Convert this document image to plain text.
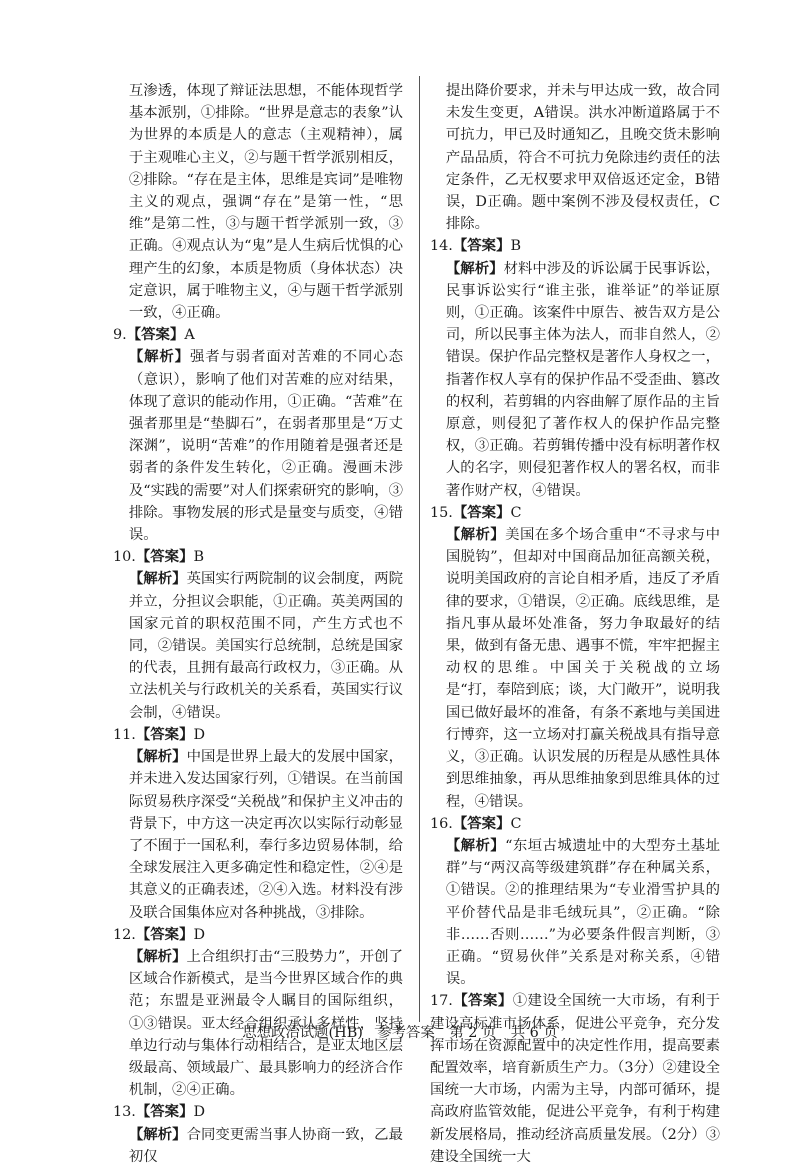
互渗透，体现了辩证法思想，不能体现哲学基本派别，①排除。“世界是意志的表象”认为世界的本质是人的意志（主观精神），属于主观唯心主义，②与题干哲学派别相反，②排除。“存在是主体，思维是宾词”是唯物主义的观点，强调“存在”是第一性，“思维”是第二性，③与题干哲学派别一致，③正确。④观点认为“鬼”是人生病后忧惧的心理产生的幻象，本质是物质（身体状态）决定意识，属于唯物主义，④与题干哲学派别一致，④正确。

9.【答案】A
【解析】强者与弱者面对苦难的不同心态（意识），影响了他们对苦难的应对结果，体现了意识的能动作用，①正确。“苦难”在强者那里是“垫脚石”，在弱者那里是“万丈深渊”，说明“苦难”的作用随着是强者还是弱者的条件发生转化，②正确。漫画未涉及“实践的需要”对人们探索研究的影响，③排除。事物发展的形式是量变与质变，④错误。
10.【答案】B
【解析】英国实行两院制的议会制度，两院并立，分担议会职能，①正确。英美两国的国家元首的职权范围不同，产生方式也不同，②错误。美国实行总统制，总统是国家的代表，且拥有最高行政权力，③正确。从立法机关与行政机关的关系看，英国实行议会制，④错误。
11.【答案】D
【解析】中国是世界上最大的发展中国家，并未进入发达国家行列，①错误。在当前国际贸易秩序深受“关税战”和保护主义冲击的背景下，中方这一决定再次以实际行动彰显了不囿于一国私利，奉行多边贸易体制，给全球发展注入更多确定性和稳定性，②④是其意义的正确表述，②④入选。材料没有涉及联合国集体应对各种挑战，③排除。
12.【答案】D
【解析】上合组织打击“三股势力”，开创了区域合作新模式，是当今世界区域合作的典范；东盟是亚洲最令人瞩目的国际组织，①③错误。亚太经合组织承认多样性，坚持单边行动与集体行动相结合，是亚太地区层级最高、领域最广、最具影响力的经济合作机制，②④正确。
13.【答案】D
【解析】合同变更需当事人协商一致，乙最初仅

提出降价要求，并未与甲达成一致，故合同未发生变更，A错误。洪水冲断道路属于不可抗力，甲已及时通知乙，且晚交货未影响产品品质，符合不可抗力免除违约责任的法定条件，乙无权要求甲双倍返还定金，B错误，D正确。题中案例不涉及侵权责任，C排除。

14.【答案】B
【解析】材料中涉及的诉讼属于民事诉讼，民事诉讼实行“谁主张，谁举证”的举证原则，①正确。该案件中原告、被告双方是公司，所以民事主体为法人，而非自然人，②错误。保护作品完整权是著作人身权之一，指著作权人享有的保护作品不受歪曲、篡改的权利，若剪辑的内容曲解了原作品的主旨原意，则侵犯了著作权人的保护作品完整权，③正确。若剪辑传播中没有标明著作权人的名字，则侵犯著作权人的署名权，而非著作财产权，④错误。
15.【答案】C
【解析】美国在多个场合重申“不寻求与中国脱钩”，但却对中国商品加征高额关税，说明美国政府的言论自相矛盾，违反了矛盾律的要求，①错误，②正确。底线思维，是指凡事从最坏处准备，努力争取最好的结果，做到有备无患、遇事不慌，牢牢把握主动权的思维。中国关于关税战的立场是“打，奉陪到底；谈，大门敞开”，说明我国已做好最坏的准备，有条不紊地与美国进行博弈，这一立场对打赢关税战具有指导意义，③正确。认识发展的历程是从感性具体到思维抽象，再从思维抽象到思维具体的过程，④错误。
16.【答案】C
【解析】“东垣古城遗址中的大型夯土基址群”与“两汉高等级建筑群”存在种属关系，①错误。②的推理结果为“专业滑雪护具的平价替代品是非毛绒玩具”，②正确。“除非……否则……”为必要条件假言判断，③正确。“贸易伙伴”关系是对称关系，④错误。
17.【答案】①建设全国统一大市场，有利于建设高标准市场体系，促进公平竞争，充分发挥市场在资源配置中的决定性作用，提高要素配置效率，培育新质生产力。（3分）②建设全国统一大市场，内需为主导，内部可循环，提高政府监管效能，促进公平竞争，有利于构建新发展格局，推动经济高质量发展。（2分）③建设全国统一大
思想政治试题(HB)　参考答案　第 2 页　共 6 页
